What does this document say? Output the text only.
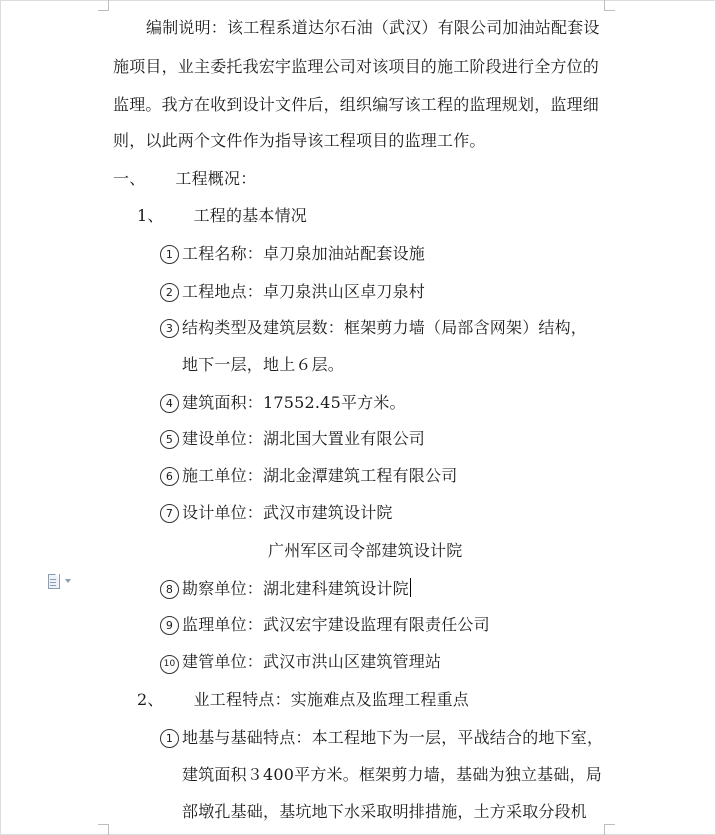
编制说明：该工程系道达尔石油（武汉）有限公司加油站配套设
施项目，业主委托我宏宇监理公司对该项目的施工阶段进行全方位的
监理。我方在收到设计文件后，组织编写该工程的监理规划，监理细
则，以此两个文件作为指导该工程项目的监理工作。
一、 工程概况：
1、 工程的基本情况
1 工程名称：卓刀泉加油站配套设施
2 工程地点：卓刀泉洪山区卓刀泉村
3 结构类型及建筑层数：框架剪力墙（局部含网架）结构，
地下一层，地上６层。
4 建筑面积：17552.45平方米。
5 建设单位：湖北国大置业有限公司
6 施工单位：湖北金潭建筑工程有限公司
7 设计单位：武汉市建筑设计院
广州军区司令部建筑设计院
8 勘察单位：湖北建科建筑设计院
9 监理单位：武汉宏宇建设监理有限责任公司
10 建管单位：武汉市洪山区建筑管理站
2、 业工程特点：实施难点及监理工程重点
1 地基与基础特点：本工程地下为一层，平战结合的地下室，
建筑面积３400平方米。框架剪力墙，基础为独立基础，局
部墩孔基础，基坑地下水采取明排措施，土方采取分段机
